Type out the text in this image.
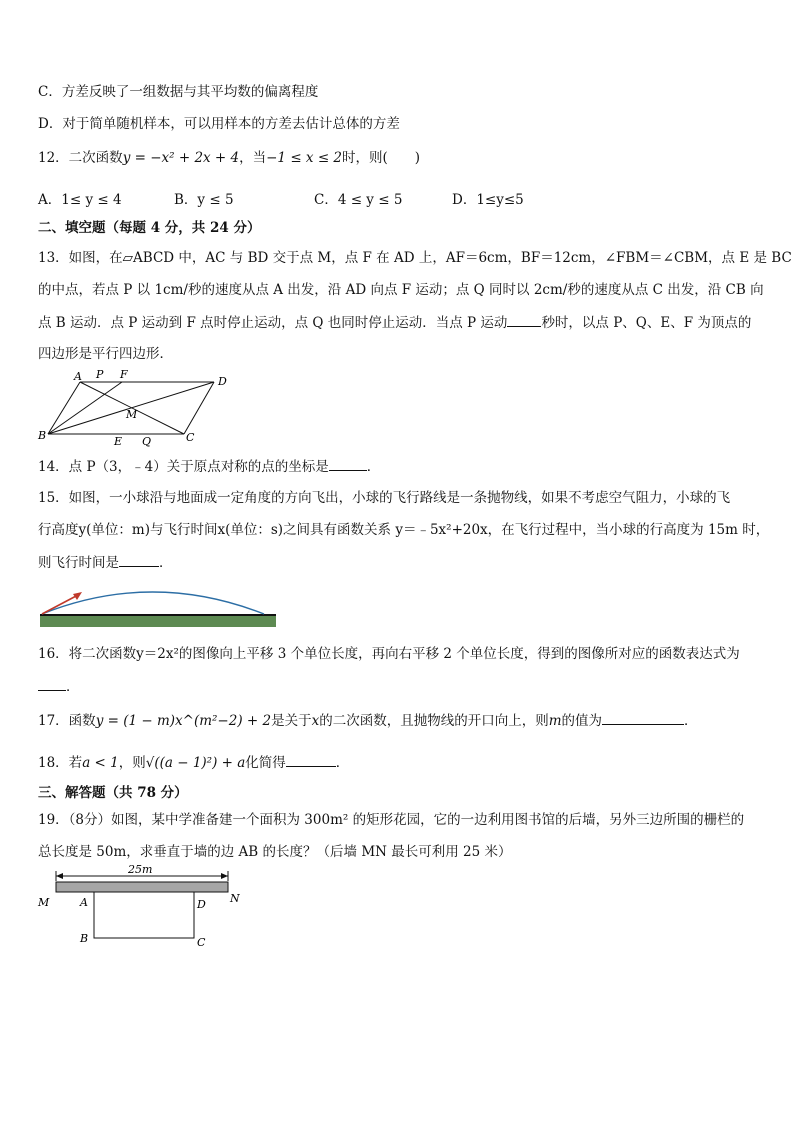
C．方差反映了一组数据与其平均数的偏离程度
D．对于简单随机样本，可以用样本的方差去估计总体的方差
12．二次函数y = −x² + 2x + 4，当−1 ≤ x ≤ 2时，则(　　)
A．1≤ y ≤ 4	B．y ≤ 5	C．4 ≤ y ≤ 5	D．1≤y≤5
二、填空题（每题 4 分，共 24 分）
13．如图，在▱ABCD 中，AC 与 BD 交于点 M，点 F 在 AD 上，AF＝6cm，BF＝12cm，∠FBM＝∠CBM，点 E 是 BC
的中点，若点 P 以 1cm/秒的速度从点 A 出发，沿 AD 向点 F 运动；点 Q 同时以 2cm/秒的速度从点 C 出发，沿 CB 向
点 B 运动．点 P 运动到 F 点时停止运动，点 Q 也同时停止运动．当点 P 运动	秒时，以点 P、Q、E、F 为顶点的
四边形是平行四边形．
A P F
D
M
B	E Q	C
14．点 P（3，﹣4）关于原点对称的点的坐标是	．
15．如图，一小球沿与地面成一定角度的方向飞出，小球的飞行路线是一条抛物线，如果不考虑空气阻力，小球的飞
行高度y(单位：m)与飞行时间x(单位：s)之间具有函数关系 y＝﹣5x²+20x，在飞行过程中，当小球的行高度为 15m 时，
则飞行时间是	．
16．将二次函数y＝2x²的图像向上平移 3 个单位长度，再向右平移 2 个单位长度，得到的图像所对应的函数表达式为
．
17．函数y = (1 − m)x^(m²−2) + 2是关于x的二次函数，且抛物线的开口向上，则m的值为	．
18．若a < 1，则√((a − 1)²) + a化简得	．
三、解答题（共 78 分）
19．（8分）如图，某中学准备建一个面积为 300m² 的矩形花园，它的一边利用图书馆的后墙，另外三边所围的栅栏的
总长度是 50m，求垂直于墙的边 AB 的长度？（后墙 MN 最长可利用 25 米）
25m
M	N
A	D
B	C
